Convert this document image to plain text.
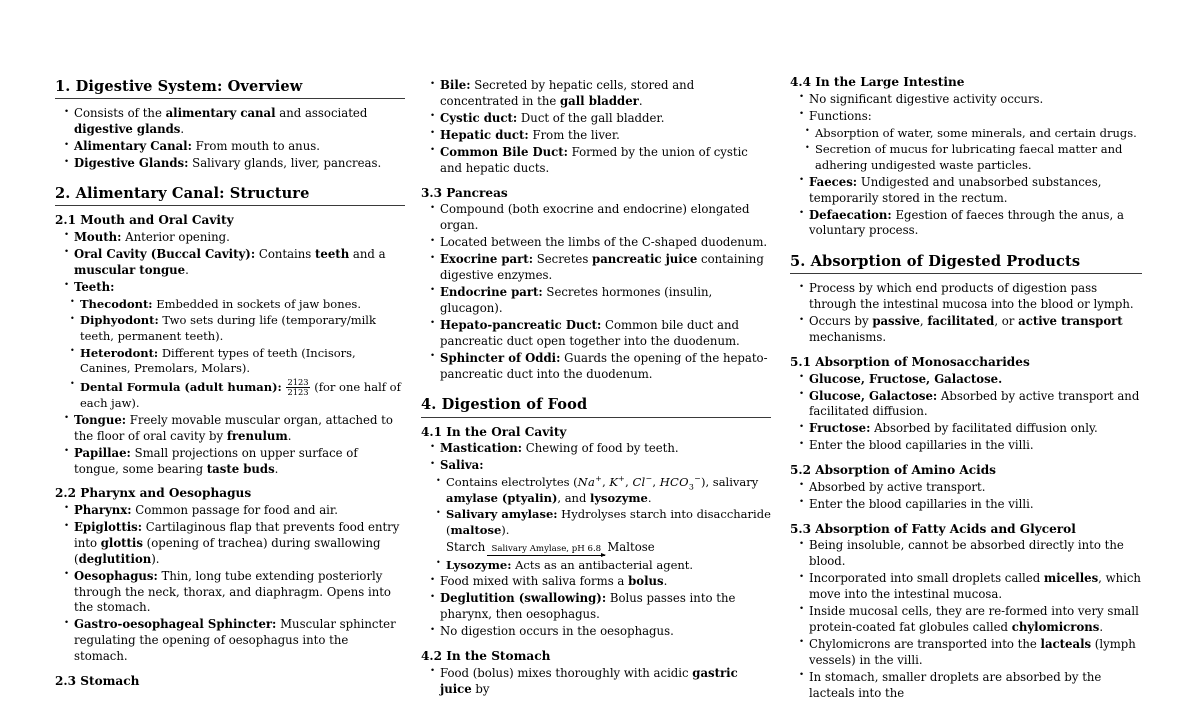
1. Digestive System: Overview
• Consists of the alimentary canal and associated digestive glands.
• Alimentary Canal: From mouth to anus.
• Digestive Glands: Salivary glands, liver, pancreas.
2. Alimentary Canal: Structure
2.1 Mouth and Oral Cavity
• Mouth: Anterior opening.
• Oral Cavity (Buccal Cavity): Contains teeth and a muscular tongue.
• Teeth:
• Thecodont: Embedded in sockets of jaw bones.
• Diphyodont: Two sets during life (temporary/milk teeth, permanent teeth).
• Heterodont: Different types of teeth (Incisors, Canines, Premolars, Molars).
• Dental Formula (adult human): $\frac{2123}{2123} (for$ one half of each jaw).
• Tongue: Freely movable muscular organ, attached to the floor of oral cavity by frenulum.
• Papillae: Small projections on upper surface of tongue, some bearing taste buds.
2.2 Pharynx and Oesophagus
• Pharynx: Common passage for food and air.
• Epiglottis: Cartilaginous flap that prevents food entry into glottis (opening of trachea) during swallowing (deglutition).
• Oesophagus: Thin, long tube extending posteriorly through the neck, thorax, and diaphragm. Opens into the stomach.
• Gastro-oesophageal Sphincter: Muscular sphincter regulating the opening of oesophagus into the stomach.
2.3 Stomach
• Bile: Secreted by hepatic cells, stored and concentrated in the gall bladder.
• Cystic duct: Duct of the gall bladder.
• Hepatic duct: From the liver.
• Common Bile Duct: Formed by the union of cystic and hepatic ducts.
3.3 Pancreas
• Compound (both exocrine and endocrine) elongated organ.
• Located between the limbs of the C-shaped duodenum.
• Exocrine part: Secretes pancreatic juice containing digestive enzymes.
• Endocrine part: Secretes hormones (insulin, glucagon).
• Hepato-pancreatic Duct: Common bile duct and pancreatic duct open together into the duodenum.
• Sphincter of Oddi: Guards the opening of the hepato-pancreatic duct into the duodenum.
4. Digestion of Food
4.1 In the Oral Cavity
• Mastication: Chewing of food by teeth.
• Saliva:
• Contains electrolytes (Na+, K+, Cl−, $HCO_3^-$), salivary amylase (ptyalin), and lysozyme.
• Salivary amylase: Hydrolyses starch into disaccharide (maltose).
Starch Salivary Amylase, pH 6.8 Maltose
• Lysozyme: Acts as an antibacterial agent.
• Food mixed with saliva forms a bolus.
• Deglutition (swallowing): Bolus passes into the pharynx, then oesophagus.
• No digestion occurs in the oesophagus.
4.2 In the Stomach
• Food (bolus) mixes thoroughly with acidic gastric juice by
4.4 In the Large Intestine
• No significant digestive activity occurs.
• Functions:
• Absorption of water, some minerals, and certain drugs.
• Secretion of mucus for lubricating faecal matter and adhering undigested waste particles.
• Faeces: Undigested and unabsorbed substances, temporarily stored in the rectum.
• Defaecation: Egestion of faeces through the anus, a voluntary process.
5. Absorption of Digested Products
• Process by which end products of digestion pass through the intestinal mucosa into the blood or lymph.
• Occurs by passive, facilitated, or active transport mechanisms.
5.1 Absorption of Monosaccharides
• Glucose, Fructose, Galactose.
• Glucose, Galactose: Absorbed by active transport and facilitated diffusion.
• Fructose: Absorbed by facilitated diffusion only.
• Enter the blood capillaries in the villi.
5.2 Absorption of Amino Acids
• Absorbed by active transport.
• Enter the blood capillaries in the villi.
5.3 Absorption of Fatty Acids and Glycerol
• Being insoluble, cannot be absorbed directly into the blood.
• Incorporated into small droplets called micelles, which move into the intestinal mucosa.
• Inside mucosal cells, they are re-formed into very small protein-coated fat globules called chylomicrons.
• Chylomicrons are transported into the lacteals (lymph vessels) in the villi.
• In stomach, smaller droplets are absorbed by the lacteals into the
